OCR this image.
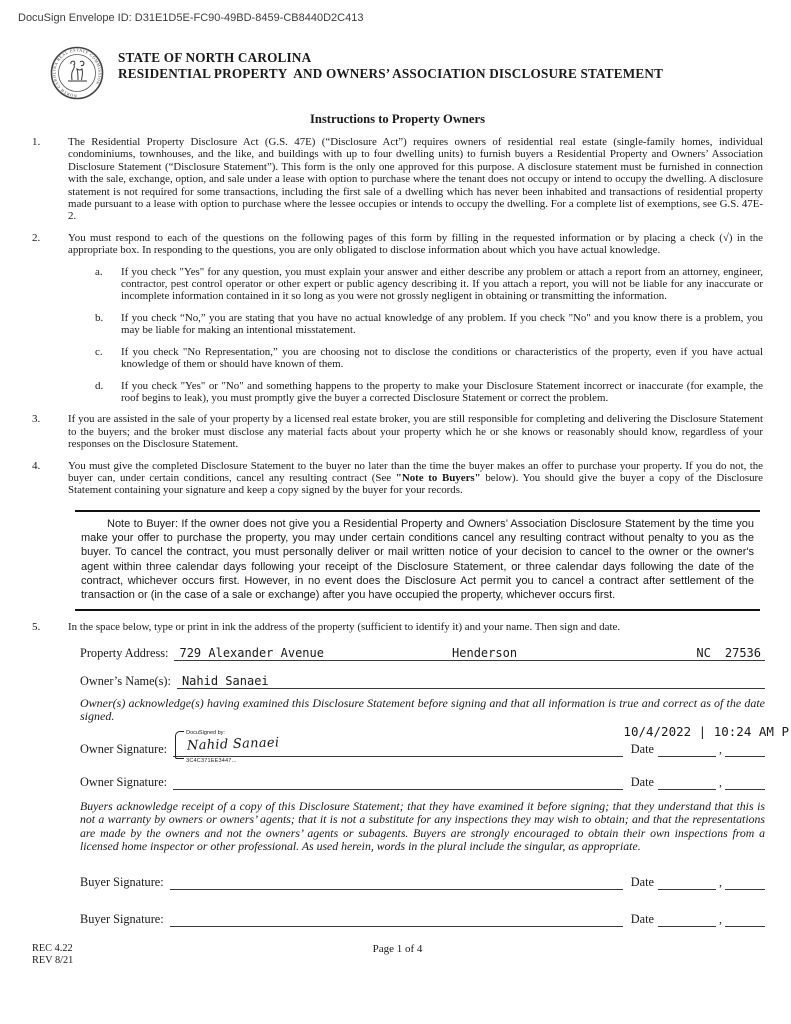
DocuSign Envelope ID: D31E1D5E-FC90-49BD-8459-CB8440D2C413
NORTH CAROLINA REAL ESTATE COMMISSION
STATE OF NORTH CAROLINA
RESIDENTIAL PROPERTY  AND OWNERS’ ASSOCIATION DISCLOSURE STATEMENT
Instructions to Property Owners
1.	The Residential Property Disclosure Act (G.S. 47E) (“Disclosure Act”) requires owners of residential real estate (single-family homes, individual condominiums, townhouses, and the like, and buildings with up to four dwelling units) to furnish buyers a Residential Property and Owners’ Association Disclosure Statement (“Disclosure Statement”). This form is the only one approved for this purpose. A disclosure statement must be furnished in connection with the sale, exchange, option, and sale under a lease with option to purchase where the tenant does not occupy or intend to occupy the dwelling. A disclosure statement is not required for some transactions, including the first sale of a dwelling which has never been inhabited and transactions of residential property made pursuant to a lease with option to purchase where the lessee occupies or intends to occupy the dwelling. For a complete list of exemptions, see G.S. 47E-2.
2.	You must respond to each of the questions on the following pages of this form by filling in the requested information or by placing a check (√) in the appropriate box. In responding to the questions, you are only obligated to disclose information about which you have actual knowledge.
a.	If you check "Yes" for any question, you must explain your answer and either describe any problem or attach a report from an attorney, engineer, contractor, pest control operator or other expert or public agency describing it. If you attach a report, you will not be liable for any inaccurate or incomplete information contained in it so long as you were not grossly negligent in obtaining or transmitting the information.
b.	If you check “No,” you are stating that you have no actual knowledge of any problem. If you check "No" and you know there is a problem, you may be liable for making an intentional misstatement.
c.	If you check "No Representation,” you are choosing not to disclose the conditions or characteristics of the property, even if you have actual knowledge of them or should have known of them.
d.	If you check "Yes" or "No" and something happens to the property to make your Disclosure Statement incorrect or inaccurate (for example, the roof begins to leak), you must promptly give the buyer a corrected Disclosure Statement or correct the problem.
3.	If you are assisted in the sale of your property by a licensed real estate broker, you are still responsible for completing and delivering the Disclosure Statement to the buyers; and the broker must disclose any material facts about your property which he or she knows or reasonably should know, regardless of your responses on the Disclosure Statement.
4.	You must give the completed Disclosure Statement to the buyer no later than the time the buyer makes an offer to purchase your property. If you do not, the buyer can, under certain conditions, cancel any resulting contract (See "Note to Buyers" below). You should give the buyer a copy of the Disclosure Statement containing your signature and keep a copy signed by the buyer for your records.
Note to Buyer: If the owner does not give you a Residential Property and Owners’ Association Disclosure Statement by the time you make your offer to purchase the property, you may under certain conditions cancel any resulting contract without penalty to you as the buyer. To cancel the contract, you must personally deliver or mail written notice of your decision to cancel to the owner or the owner's agent within three calendar days following your receipt of the Disclosure Statement, or three calendar days following the date of the contract, whichever occurs first. However, in no event does the Disclosure Act permit you to cancel a contract after settlement of the transaction or (in the case of a sale or exchange) after you have occupied the property, whichever occurs first.
5.	In the space below, type or print in ink the address of the property (sufficient to identify it) and your name. Then sign and date.
Property Address: 729 Alexander Avenue	Henderson	NC 27536
Owner’s Name(s): Nahid Sanaei
Owner(s) acknowledge(s) having examined this Disclosure Statement before signing and that all information is true and correct as of the date signed.
Owner Signature:
DocuSigned by:
Nahid Sanaei
3C4C371EE3447...
Date	,
10/4/2022 | 10:24 AM P
Owner Signature:	Date	,
Buyers acknowledge receipt of a copy of this Disclosure Statement; that they have examined it before signing; that they understand that this is not a warranty by owners or owners’ agents; that it is not a substitute for any inspections they may wish to obtain; and that the representations are made by the owners and not the owners’ agents or subagents. Buyers are strongly encouraged to obtain their own inspections from a licensed home inspector or other professional. As used herein, words in the plural include the singular, as appropriate.
Buyer Signature:	Date	,
Buyer Signature:	Date	,
REC 4.22
REV 8/21
Page 1 of 4
